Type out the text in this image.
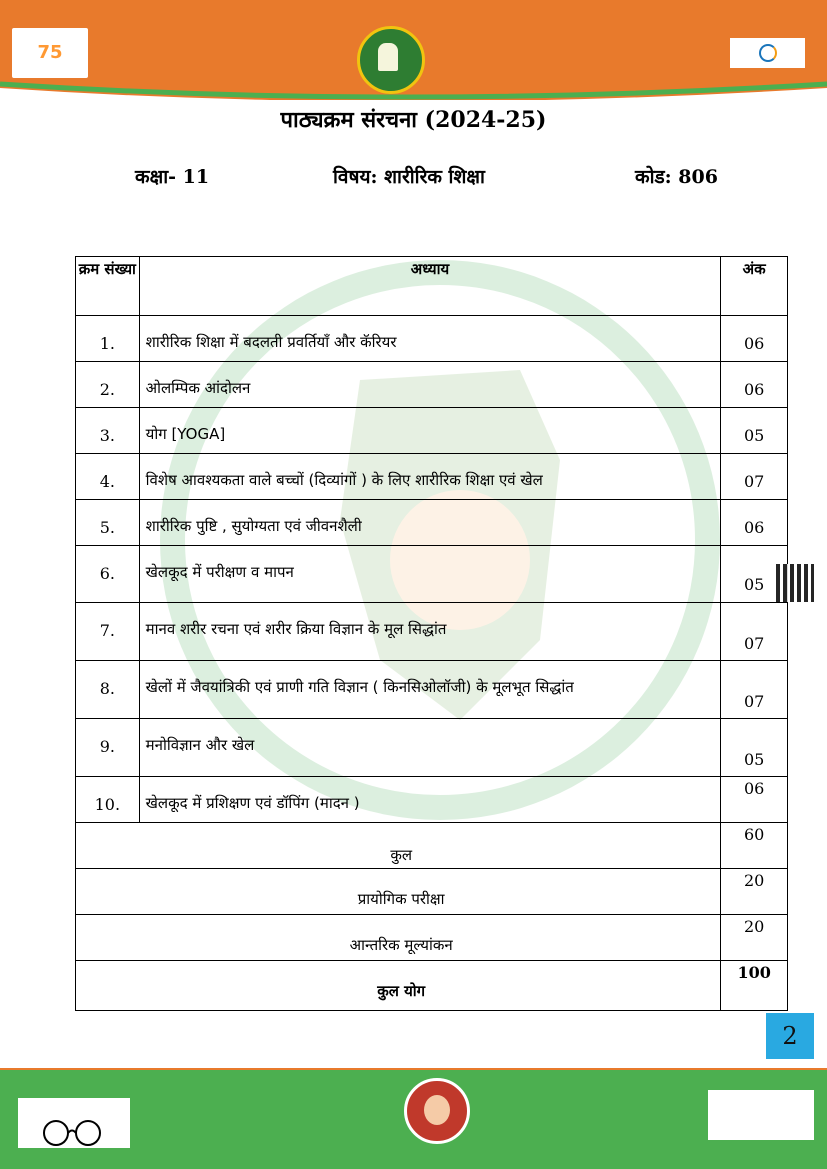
75
पाठ्यक्रम संरचना (2024-25)
कक्षा- 11	विषय: शारीरिक शिक्षा	कोड: 806
क्रम संख्या	अध्याय	अंक
1.	शारीरिक शिक्षा में बदलती प्रवर्तियाँ और कॅरियर	06
2.	ओलम्पिक आंदोलन	06
3.	योग [YOGA]	05
4.	विशेष आवश्यकता वाले बच्चों (दिव्यांगों ) के लिए शारीरिक शिक्षा एवं खेल	07
5.	शारीरिक पुष्टि , सुयोग्यता एवं जीवनशैली	06
6.	खेलकूद में परीक्षण व मापन	05
7.	मानव शरीर रचना एवं शरीर क्रिया विज्ञान के मूल सिद्धांत	07
8.	खेलों में जैवयांत्रिकी एवं प्राणी गति विज्ञान ( किनसिओलॉजी) के मूलभूत सिद्धांत	07
9.	मनोविज्ञान और खेल	05
10.	खेलकूद में प्रशिक्षण एवं डॉपिंग (मादन )	06
कुल		60
प्रायोगिक परीक्षा		20
आन्तरिक मूल्यांकन		20
कुल योग		100
2
